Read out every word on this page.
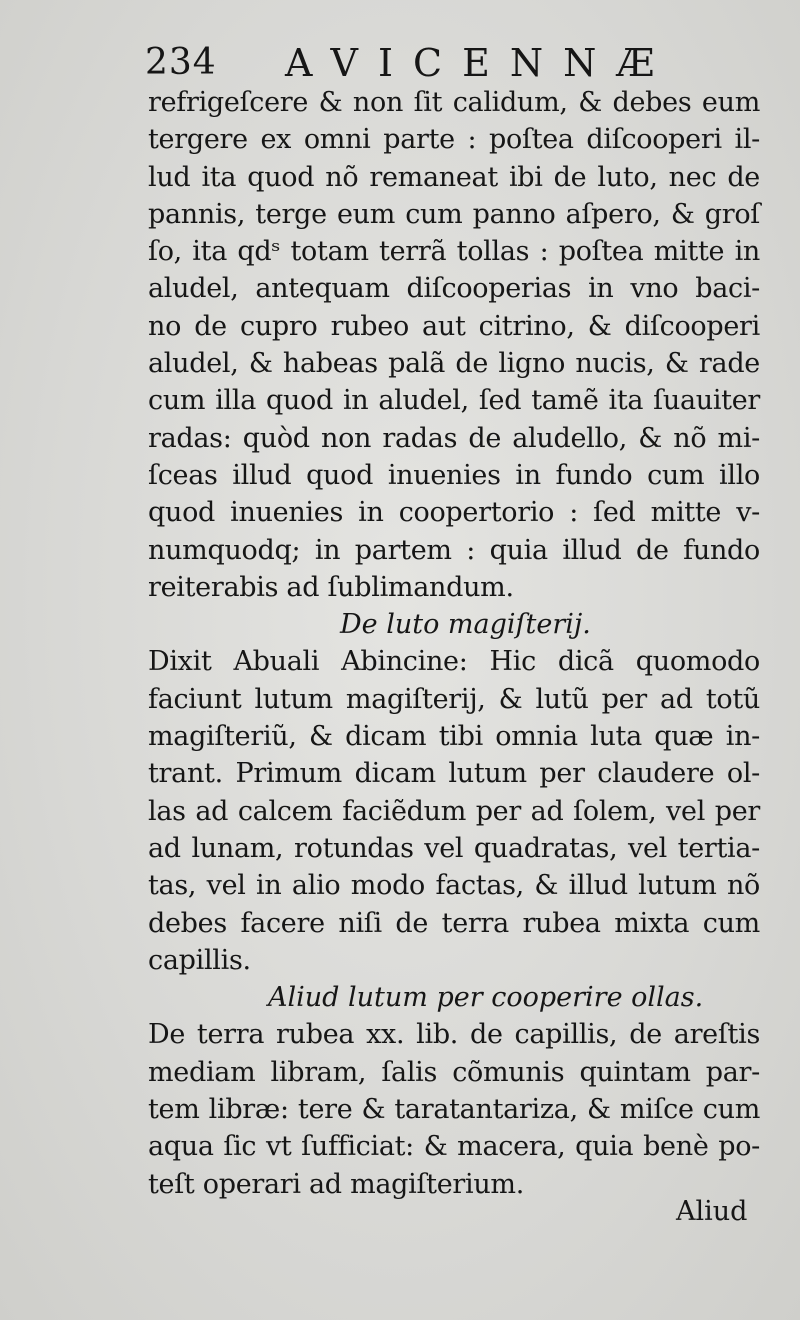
234 AVICENNÆ
refrigeſcere & non ſit calidum, & debes eum
tergere ex omni parte : poſtea diſcooperi il-
lud ita quod nõ remaneat ibi de luto, nec de
pannis, terge eum cum panno aſpero, & groſ
ſo, ita qdˢ totam terrã tollas : poſtea mitte in
aludel, antequam diſcooperias in vno baci-
no de cupro rubeo aut citrino, & diſcooperi
aludel, & habeas palã de ligno nucis, & rade
cum illa quod in aludel, ſed tamẽ ita ſuauiter
radas: quòd non radas de aludello, & nõ mi-
ſceas illud quod inuenies in fundo cum illo
quod inuenies in coopertorio : ſed mitte v-
numquodq; in partem : quia illud de fundo
reiterabis ad ſublimandum.
De luto magiſterij.
Dixit Abuali Abincine: Hic dicã quomodo
faciunt lutum magiſterij, & lutũ per ad totũ
magiſteriũ, & dicam tibi omnia luta quæ in-
trant. Primum dicam lutum per claudere ol-
las ad calcem faciẽdum per ad ſolem, vel per
ad lunam, rotundas vel quadratas, vel tertia-
tas, vel in alio modo factas, & illud lutum nõ
debes facere niſi de terra rubea mixta cum
capillis.
Aliud lutum per cooperire ollas.
De terra rubea xx. lib. de capillis, de areſtis
mediam libram, ſalis cõmunis quintam par-
tem libræ: tere & taratantariza, & miſce cum
aqua ſic vt ſufficiat: & macera, quia benè po-
teſt operari ad magiſterium.
Aliud
